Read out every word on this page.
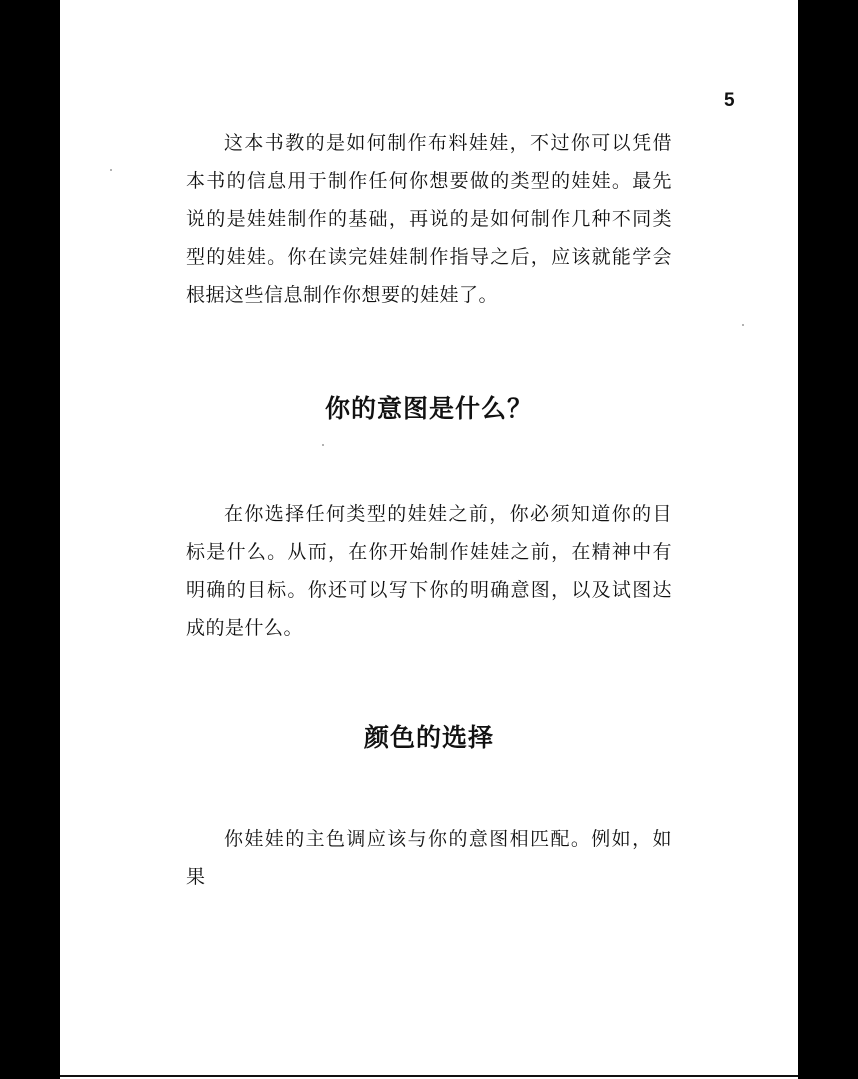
5

这本书教的是如何制作布料娃娃，不过你可以凭借本书的信息用于制作任何你想要做的类型的娃娃。最先说的是娃娃制作的基础，再说的是如何制作几种不同类型的娃娃。你在读完娃娃制作指导之后，应该就能学会根据这些信息制作你想要的娃娃了。

你的意图是什么？

在你选择任何类型的娃娃之前，你必须知道你的目标是什么。从而，在你开始制作娃娃之前，在精神中有明确的目标。你还可以写下你的明确意图，以及试图达成的是什么。

颜色的选择

你娃娃的主色调应该与你的意图相匹配。例如，如果
